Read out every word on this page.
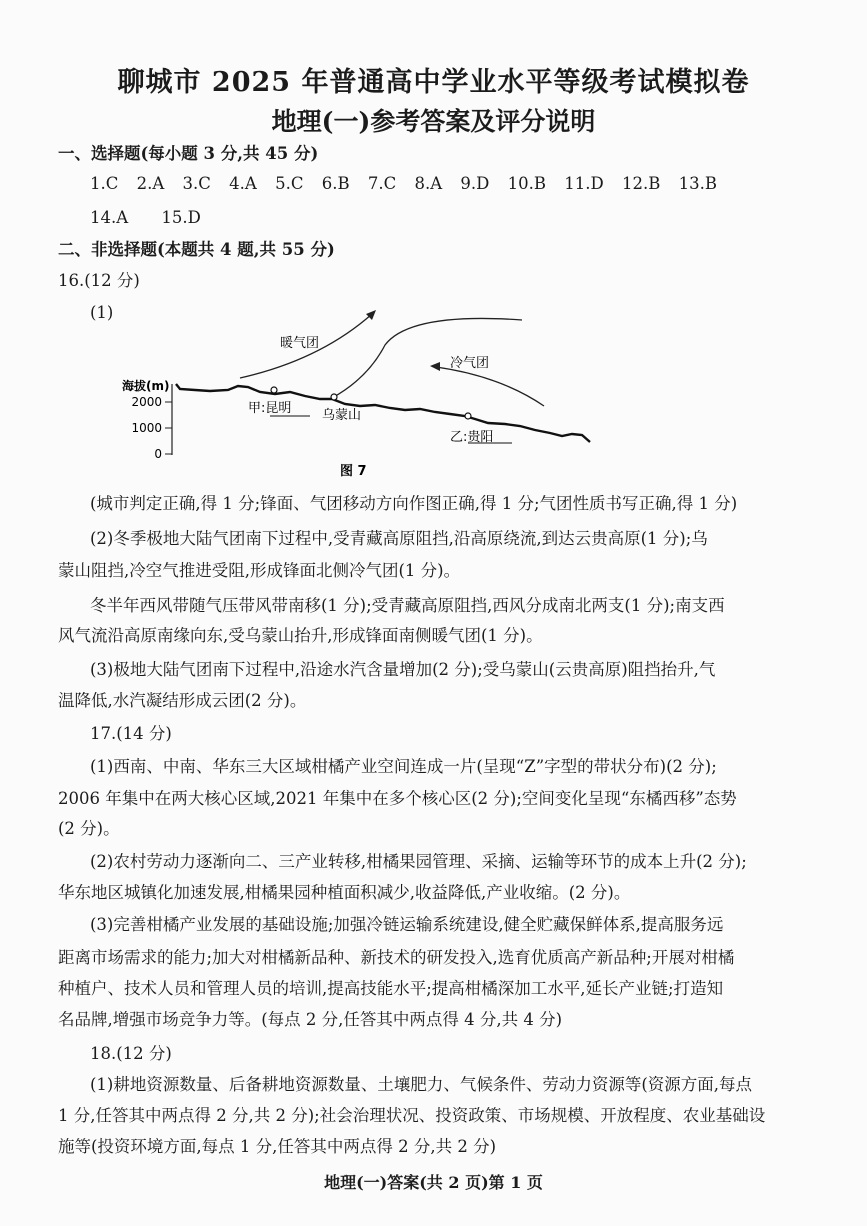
聊城市 2025 年普通高中学业水平等级考试模拟卷
地理(一)参考答案及评分说明
一、选择题(每小题 3 分,共 45 分)
1.C 2.A 3.C 4.A 5.C 6.B 7.C 8.A 9.D 10.B 11.D 12.B 13.B
14.A 15.D
二、非选择题(本题共 4 题,共 55 分)
16.(12 分)
(1)
暖气团
冷气团
海拔(m)
2000
1000
0
甲:昆明 乌蒙山
乙:贵阳
图 7
(城市判定正确,得 1 分;锋面、气团移动方向作图正确,得 1 分;气团性质书写正确,得 1 分)
(2)冬季极地大陆气团南下过程中,受青藏高原阻挡,沿高原绕流,到达云贵高原(1 分);乌
蒙山阻挡,冷空气推进受阻,形成锋面北侧冷气团(1 分)。
冬半年西风带随气压带风带南移(1 分);受青藏高原阻挡,西风分成南北两支(1 分);南支西
风气流沿高原南缘向东,受乌蒙山抬升,形成锋面南侧暖气团(1 分)。
(3)极地大陆气团南下过程中,沿途水汽含量增加(2 分);受乌蒙山(云贵高原)阻挡抬升,气
温降低,水汽凝结形成云团(2 分)。
17.(14 分)
(1)西南、中南、华东三大区域柑橘产业空间连成一片(呈现“Z”字型的带状分布)(2 分);
2006 年集中在两大核心区域,2021 年集中在多个核心区(2 分);空间变化呈现“东橘西移”态势
(2 分)。
(2)农村劳动力逐渐向二、三产业转移,柑橘果园管理、采摘、运输等环节的成本上升(2 分);
华东地区城镇化加速发展,柑橘果园种植面积减少,收益降低,产业收缩。(2 分)。
(3)完善柑橘产业发展的基础设施;加强冷链运输系统建设,健全贮藏保鲜体系,提高服务远
距离市场需求的能力;加大对柑橘新品种、新技术的研发投入,选育优质高产新品种;开展对柑橘
种植户、技术人员和管理人员的培训,提高技能水平;提高柑橘深加工水平,延长产业链;打造知
名品牌,增强市场竞争力等。(每点 2 分,任答其中两点得 4 分,共 4 分)
18.(12 分)
(1)耕地资源数量、后备耕地资源数量、土壤肥力、气候条件、劳动力资源等(资源方面,每点
1 分,任答其中两点得 2 分,共 2 分);社会治理状况、投资政策、市场规模、开放程度、农业基础设
施等(投资环境方面,每点 1 分,任答其中两点得 2 分,共 2 分)
地理(一)答案(共 2 页)第 1 页
